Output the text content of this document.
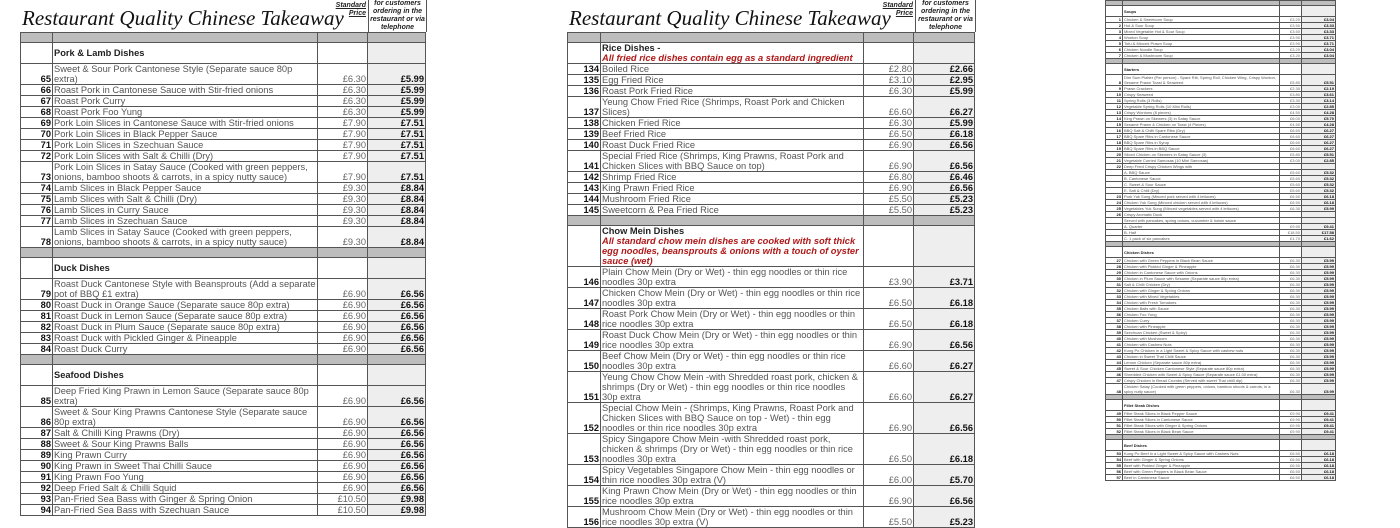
Restaurant Quality Chinese Takeaway
Standard Price
for customers ordering in the restaurant or via telephone

	Pork & Lamb Dishes		
65	Sweet & Sour Pork Cantonese Style (Separate sauce 80p extra)	£6.30	£5.99
66	Roast Pork in Cantonese Sauce with Stir-fried onions	£6.30	£5.99
67	Roast Pork Curry	£6.30	£5.99
68	Roast Pork Foo Yung	£6.30	£5.99
69	Pork Loin Slices in Cantonese Sauce with Stir-fried onions	£7.90	£7.51
70	Pork Loin Slices in Black Pepper Sauce	£7.90	£7.51
71	Pork Loin Slices in Szechuan Sauce	£7.90	£7.51
72	Pork Loin Slices with Salt & Chilli (Dry)	£7.90	£7.51
73	Pork Loin Slices in Satay Sauce (Cooked with green peppers, onions, bamboo shoots & carrots, in a spicy nutty sauce)	£7.90	£7.51
74	Lamb Slices in Black Pepper Sauce	£9.30	£8.84
75	Lamb Slices with Salt & Chilli (Dry)	£9.30	£8.84
76	Lamb Slices in Curry Sauce	£9.30	£8.84
77	Lamb Slices in Szechuan Sauce	£9.30	£8.84
78	Lamb Slices in Satay Sauce (Cooked with green peppers, onions, bamboo shoots & carrots, in a spicy nutty sauce)	£9.30	£8.84

	Duck Dishes		
79	Roast Duck Cantonese Style with Beansprouts (Add a separate pot of BBQ £1 extra)	£6.90	£6.56
80	Roast Duck in Orange Sauce (Separate sauce 80p extra)	£6.90	£6.56
81	Roast Duck in Lemon Sauce (Separate sauce 80p extra)	£6.90	£6.56
82	Roast Duck in Plum Sauce (Separate sauce 80p extra)	£6.90	£6.56
83	Roast Duck with Pickled Ginger & Pineapple	£6.90	£6.56
84	Roast Duck Curry	£6.90	£6.56

	Seafood Dishes		
85	Deep Fried King Prawn in Lemon Sauce (Separate sauce 80p extra)	£6.90	£6.56
86	Sweet & Sour King Prawns Cantonese Style (Separate sauce 80p extra)	£6.90	£6.56
87	Salt & Chilli King Prawns (Dry)	£6.90	£6.56
88	Sweet & Sour King Prawns Balls	£6.90	£6.56
89	King Prawn Curry	£6.90	£6.56
90	King Prawn in Sweet Thai Chilli Sauce	£6.90	£6.56
91	King Prawn Foo Yung	£6.90	£6.56
92	Deep Fried Salt & Chilli Squid	£6.90	£6.56
93	Pan-Fried Sea Bass with Ginger & Spring Onion	£10.50	£9.98
94	Pan-Fried Sea Bass with Szechuan Sauce	£10.50	£9.98
Restaurant Quality Chinese Takeaway
Standard Price
for customers ordering in the restaurant or via telephone

	Rice Dishes -
All fried rice dishes contain egg as a standard ingredient		

134	Boiled Rice	£2.80	£2.66
135	Egg Fried Rice	£3.10	£2.95
136	Roast Pork Fried Rice	£6.30	£5.99
137	Yeung Chow Fried Rice (Shrimps, Roast Pork and Chicken Slices)	£6.60	£6.27
138	Chicken Fried Rice	£6.30	£5.99
139	Beef Fried Rice	£6.50	£6.18
140	Roast Duck Fried Rice	£6.90	£6.56
141	Special Fried Rice (Shrimps, King Prawns, Roast Pork and Chicken Slices with BBQ Sauce on top)	£6.90	£6.56
142	Shrimp Fried Rice	£6.80	£6.46
143	King Prawn Fried Rice	£6.90	£6.56
144	Mushroom Fried Rice	£5.50	£5.23
145	Sweetcorn & Pea Fried Rice	£5.50	£5.23

	Chow Mein Dishes
All standard chow mein dishes are cooked with soft thick egg noodles, beansprouts & onions with a touch of oyster sauce (wet)		

146	Plain Chow Mein (Dry or Wet) - thin egg noodles or thin rice noodles 30p extra	£3.90	£3.71
147	Chicken Chow Mein (Dry or Wet) - thin egg noodles or thin rice noodles 30p extra	£6.50	£6.18
148	Roast Pork Chow Mein (Dry or Wet) - thin egg noodles or thin rice noodles 30p extra	£6.50	£6.18
149	Roast Duck Chow Mein (Dry or Wet) - thin egg noodles or thin rice noodles 30p extra	£6.90	£6.56
150	Beef Chow Mein (Dry or Wet) - thin egg noodles or thin rice noodles 30p extra	£6.60	£6.27
151	Yeung Chow Chow Mein -with Shredded roast pork, chicken & shrimps (Dry or Wet) - thin egg noodles or thin rice noodles 30p extra	£6.60	£6.27
152	Special Chow Mein - (Shrimps, King Prawns, Roast Pork and Chicken Slices with BBQ Sauce on top - Wet) - thin egg noodles or thin rice noodles 30p extra	£6.90	£6.56
153	Spicy Singapore Chow Mein -with Shredded roast pork, chicken & shrimps (Dry or Wet) - thin egg noodles or thin rice noodles 30p extra	£6.50	£6.18
154	Spicy Vegetables Singapore Chow Mein - thin egg noodles or thin rice noodles 30p extra (V)	£6.00	£5.70
155	King Prawn Chow Mein (Dry or Wet) - thin egg noodles or thin rice noodles 30p extra	£6.90	£6.56
156	Mushroom Chow Mein (Dry or Wet) - thin egg noodles or thin rice noodles 30p extra (V)	£5.50	£5.23

	Soups		
1	Chicken & Sweetcorn Soup	£3.20	£3.04
2	Hot & Sour Soup	£3.50	£3.33
3	Mixed Vegetable Hot & Sour Soup	£3.50	£3.33
4	Wonton Soup	£3.90	£3.71
5	Tofu & Minced Prawn Soup	£3.90	£3.71
6	Chicken Noodle Soup	£3.20	£3.04
7	Chicken & Mushroom Soup	£3.20	£3.04

	Starters		
8	Dim Sum Platter (Per person) - Spare Rib, Spring Roll, Chicken Wing, Crispy Wonton, Sesame Prawn Toast & Seaweed	£5.80	£5.51
9	Prawn Crackers	£2.30	£2.19
10	Crispy Seaweed	£3.80	£3.61
11	Spring Rolls (3 Rolls)	£3.30	£3.14
12	Vegetable Spring Rolls (10 Mini Rolls)	£3.00	£2.85
13	Crispy Wontons (8 pieces)	£4.50	£4.28
14	King Prawn on Skewers (3) in Satay Sauce	£6.00	£5.70
15	Sesame Prawn & Chicken on Toast (4 Pieces)	£4.50	£4.28
16	BBQ Salt & Chilli Spare Ribs (Dry)	£6.60	£6.27
17	BBQ Spare Ribs in Cantonese Sauce	£6.60	£6.27
18	BBQ Spare Ribs in Syrup	£6.60	£6.27
19	BBQ Spare Ribs in BBQ Sauce	£6.60	£6.27
20	Sliced Chicken on Skewers in Satay Sauce (3)	£5.80	£5.51
21	Vegetable Curried Samosas (10 Mini Samosas)	£3.00	£2.85
22	Deep Fried Crispy Chicken Wings with		
	A. BBQ Sauce	£5.60	£5.32
	B. Cantonese Sauce	£5.60	£5.32
	C. Sweet & Sour Sauce	£5.60	£5.32
	E. Salt & Chilli (Dry)	£5.60	£5.32
23	Pork Yuk Sung (Minced pork served with 4 lettuces)	£6.50	£6.18
24	Chicken Yuk Sung (Minced chicken served with 4 lettuces)	£6.50	£6.18
25	Vegetables Yuk Sung (Minced vegetables served with 4 lettuces)	£6.30	£5.99
26	Crispy Aromatic Duck		
	Served with pancakes, spring onions, cucumber & hoisin sauce		
	A. Quarter	£9.90	£9.41
	B. Half	£18.50	£17.58
	C. 1 pack of six pancakes	£1.70	£1.62

	Chicken Dishes		
27	Chicken with Green Peppers in Black Bean Sauce	£6.30	£5.99
28	Chicken with Pickled Ginger & Pineapple	£6.30	£5.99
29	Chicken in Cantonese Sauce with Onions	£6.30	£5.99
30	Chicken in Plum Sauce with Sesame (Separate sauce 80p extra)	£6.30	£5.99
31	Salt & Chilli Chicken (Dry)	£6.30	£5.99
32	Chicken with Ginger & Spring Onions	£6.30	£5.99
33	Chicken with Mixed Vegetables	£6.30	£5.99
34	Chicken with Fresh Tomatoes	£6.30	£5.99
35	Chicken Balls with Sauce	£6.30	£5.99
36	Chicken Foo Yung	£6.30	£5.99
37	Chicken Curry	£6.30	£5.99
38	Chicken with Pineapple	£6.30	£5.99
39	Szechuan Chicken (Sweet & Spicy)	£6.30	£5.99
40	Chicken with Mushroom	£6.30	£5.99
41	Chicken with Cashew Nuts	£6.30	£5.99
42	Kung Po Chicken in a Light Sweet & Spicy Sauce with cashew nuts	£6.30	£5.99
43	Chicken in Sweet Thai Chilli Sauce	£6.30	£5.99
44	Lemon Chicken (Separate sauce 80p extra)	£6.30	£5.99
45	Sweet & Sour Chicken Cantonese Style (Separate sauce 80p extra)	£6.30	£5.99
46	Shredded Chicken with Sweet & Spicy Sauce (Separate sauce £1.00 extra)	£6.30	£5.99
47	Crispy Chicken in Bread Crumbs (Served with sweet Thai chilli dip)	£6.30	£5.99
48	Chicken Satay (Cooked with green peppers, onions, bamboo shoots & carrots, in a spicy nutty sauce)	£6.30	£5.99

	Fillet Steak Dishes		
49	Fillet Steak Slices in Black Pepper Sauce	£9.90	£9.41
50	Fillet Steak Slices in Cantonese Sauce	£9.90	£9.41
51	Fillet Steak Slices with Ginger & Spring Onions	£9.90	£9.41
52	Fillet Steak Slices in Black Bean Sauce	£9.90	£9.41

	Beef Dishes		
53	Kung Po Beef in a Light Sweet & Spicy Sauce with Cashew Nuts	£6.50	£6.18
54	Beef with Ginger & Spring Onions	£6.50	£6.18
55	Beef with Pickled Ginger & Pineapple	£6.50	£6.18
56	Beef with Green Peppers in Black Bean Sauce	£6.50	£6.18
57	Beef in Cantonese Sauce	£6.50	£6.18
